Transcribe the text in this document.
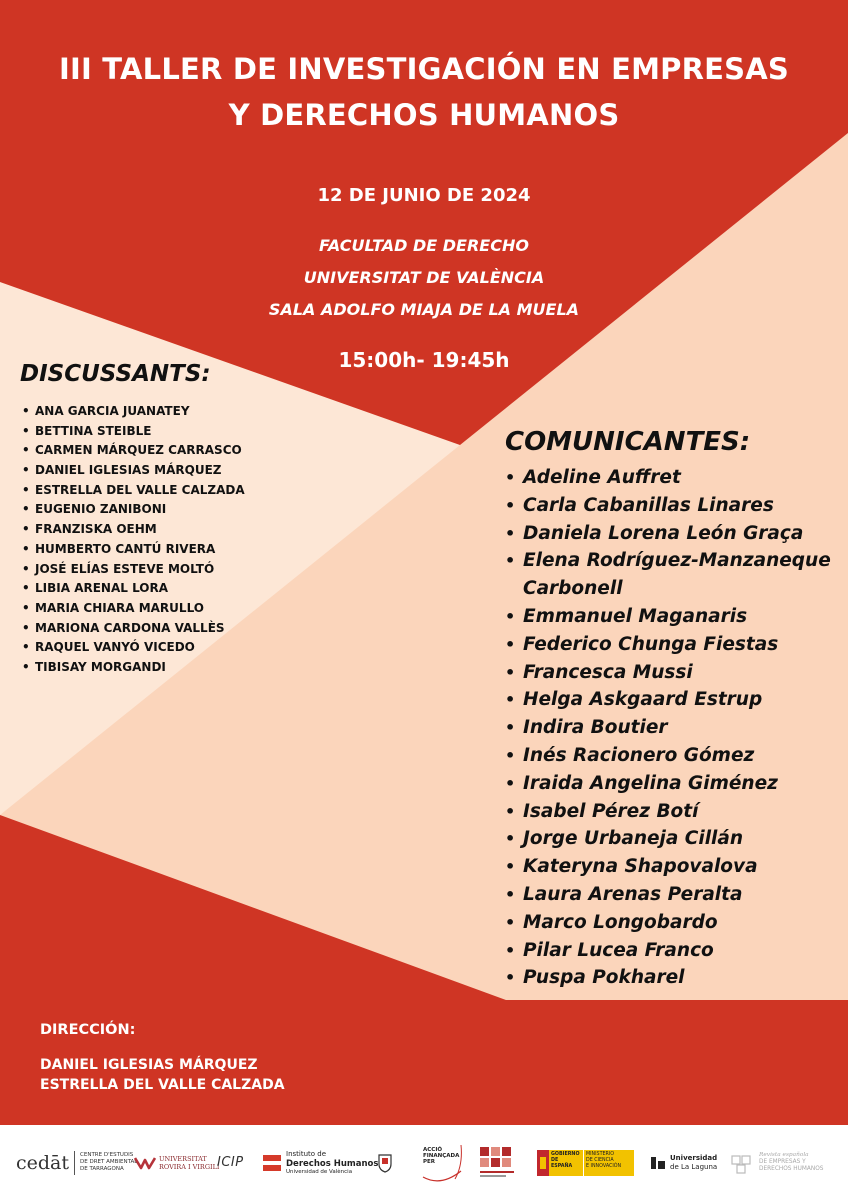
III TALLER DE INVESTIGACIÓN EN EMPRESAS
Y DERECHOS HUMANOS
12 DE JUNIO DE 2024
FACULTAD DE DERECHO
UNIVERSITAT DE VALÈNCIA
SALA ADOLFO MIAJA DE LA MUELA
15:00h- 19:45h
DISCUSSANTS:
• ANA GARCIA JUANATEY
• BETTINA STEIBLE
• CARMEN MÁRQUEZ CARRASCO
• DANIEL IGLESIAS MÁRQUEZ
• ESTRELLA DEL VALLE CALZADA
• EUGENIO ZANIBONI
• FRANZISKA OEHM
• HUMBERTO CANTÚ RIVERA
• JOSÉ ELÍAS ESTEVE MOLTÓ
• LIBIA ARENAL LORA
• MARIA CHIARA MARULLO
• MARIONA CARDONA VALLÈS
• RAQUEL VANYÓ VICEDO
• TIBISAY MORGANDI
COMUNICANTES:
• Adeline Auffret
• Carla Cabanillas Linares
• Daniela Lorena León Graça
• Elena Rodríguez-Manzaneque Carbonell
• Emmanuel Maganaris
• Federico Chunga Fiestas
• Francesca Mussi
• Helga Askgaard Estrup
• Indira Boutier
• Inés Racionero Gómez
• Iraida Angelina Giménez
• Isabel Pérez Botí
• Jorge Urbaneja Cillán
• Kateryna Shapovalova
• Laura Arenas Peralta
• Marco Longobardo
• Pilar Lucea Franco
• Puspa Pokharel
DIRECCIÓN:
DANIEL IGLESIAS MÁRQUEZ
ESTRELLA DEL VALLE CALZADA
cedāt CENTRE D'ESTUDIS
DE DRET AMBIENTAL
DE TARRAGONA
UNIVERSITAT
ROVIRA I VIRGILI
ICIP
Instituto de
Derechos Humanos
Universidad de València
ACCIÓ
FINANÇADA
PER
GOBIERNO
DE ESPAÑA
MINISTERIO
DE CIENCIA
E INNOVACIÓN
Universidad
de La Laguna
Revista española
DE EMPRESAS Y
DERECHOS HUMANOS
